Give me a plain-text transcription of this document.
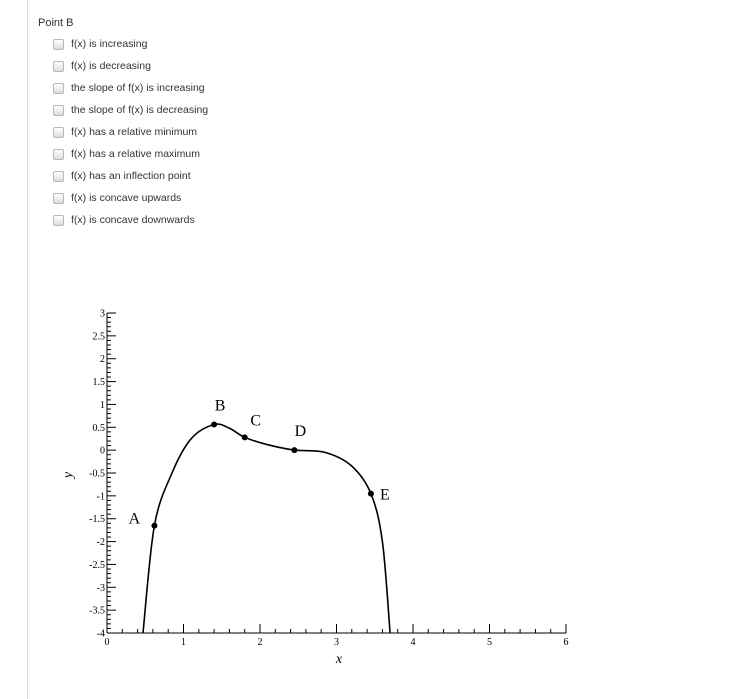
Point B
f(x) is increasing
f(x) is decreasing
the slope of f(x) is increasing
the slope of f(x) is decreasing
f(x) has a relative minimum
f(x) has a relative maximum
f(x) has an inflection point
f(x) is concave upwards
f(x) is concave downwards
0	1	2	3	4	5	6
-4
-3.5
-3
-2.5
-2
-1.5
-1
-0.5
0
0.5
1
1.5
2
2.5
3
A
B
C
D
E
x
y
